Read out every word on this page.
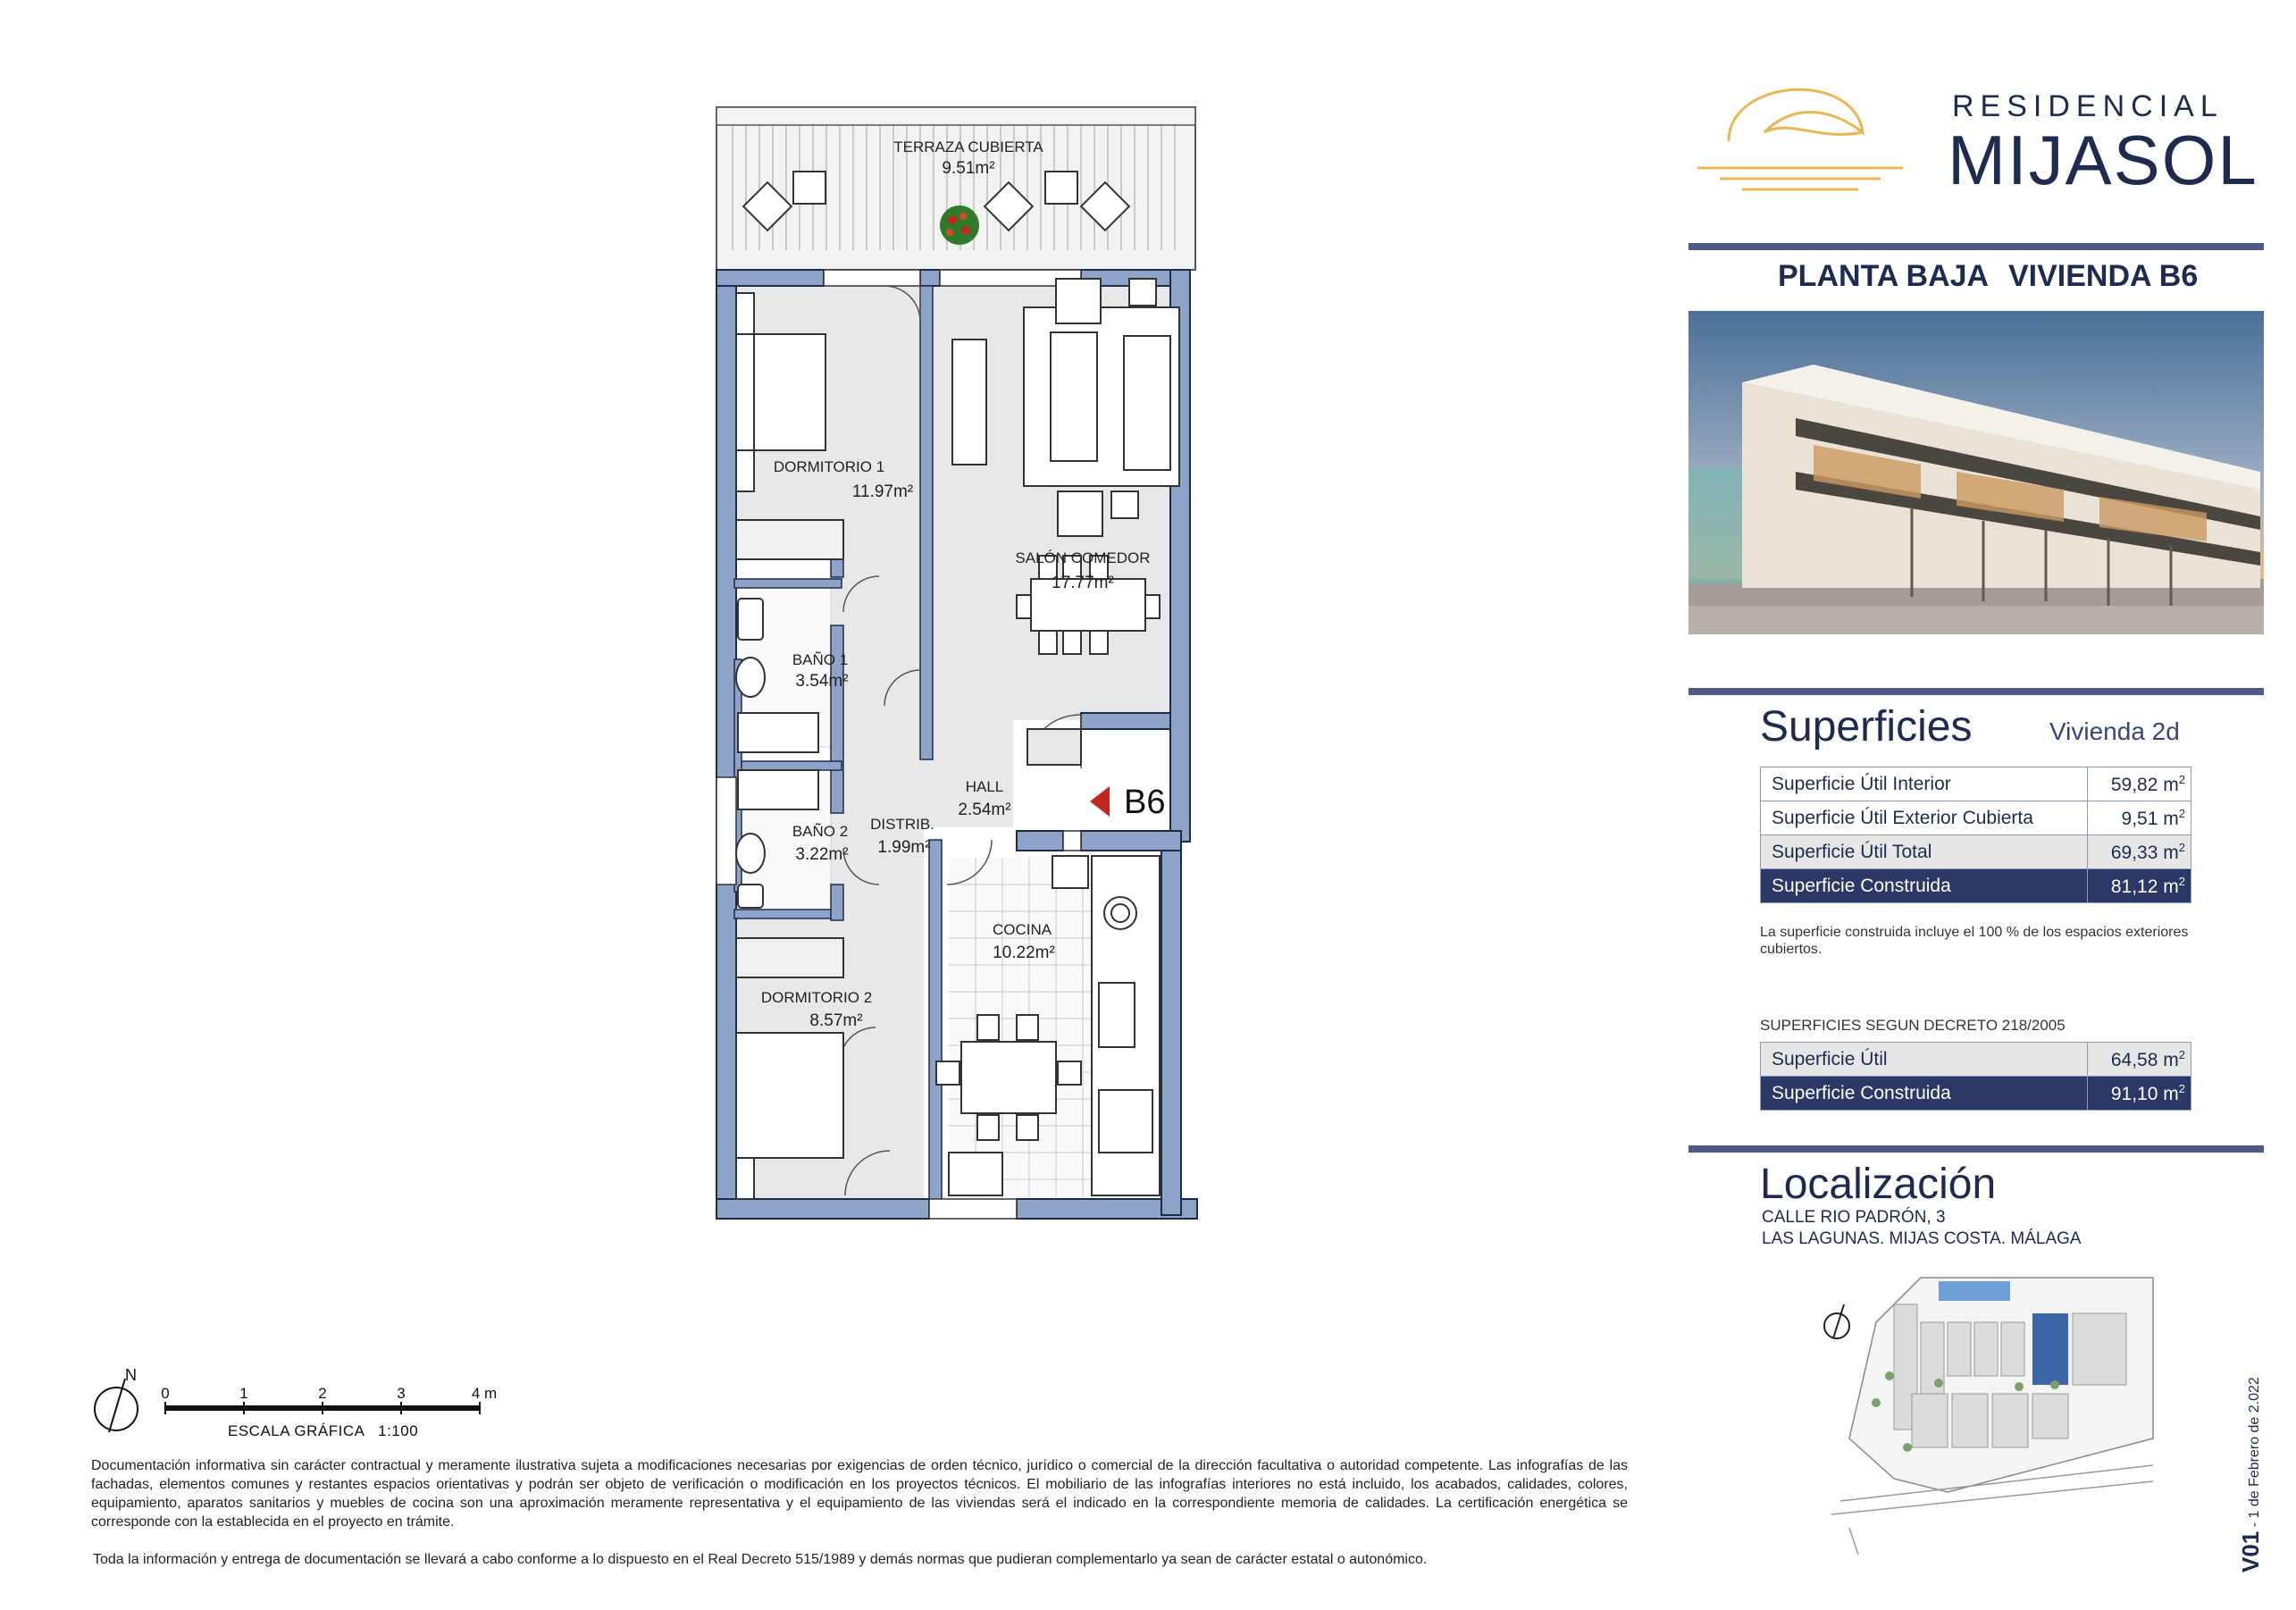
TERRAZA CUBIERTA
9.51m²
DORMITORIO 1
11.97m²
SALÓN COMEDOR
17.77m²
BAÑO 1
3.54m²
HALL
2.54m²
BAÑO 2
3.22m²
DISTRIB.
1.99m²
COCINA
10.22m²
DORMITORIO 2
8.57m²
B6
RESIDENCIAL
MIJASOL
PLANTA BAJA VIVIENDA B6
Superficies	Vivienda 2d
Superficie Útil Interior	59,82 $m^2$
Superficie Útil Exterior Cubierta	9,51 $m^2$
Superficie Útil Total	69,33 $m^2$
Superficie Construida	81,12 $m^2$
La superficie construida incluye el 100 % de los espacios exteriores cubiertos.
SUPERFICIES SEGUN DECRETO 218/2005
Superficie Útil	64,58 $m^2$
Superficie Construida	91,10 $m^2$
Localización
CALLE RIO PADRÓN, 3
LAS LAGUNAS. MIJAS COSTA. MÁLAGA
V01 - 1 de Febrero de 2.022
N
0	1	2	3	4 m
ESCALA GRÁFICA   1:100
Documentación informativa sin carácter contractual y meramente ilustrativa sujeta a modificaciones necesarias por exigencias de orden técnico, jurídico o comercial de la dirección facultativa o autoridad competente. Las infografías de las fachadas, elementos comunes y restantes espacios orientativas y podrán ser objeto de verificación o modificación en los proyectos técnicos. El mobiliario de las infografías interiores no está incluido, los acabados, calidades, colores, equipamiento, aparatos sanitarios y muebles de cocina son una aproximación meramente representativa y el equipamiento de las viviendas será el indicado en la correspondiente memoria de calidades. La certificación energética se corresponde con la establecida en el proyecto en trámite.
Toda la información y entrega de documentación se llevará a cabo conforme a lo dispuesto en el Real Decreto 515/1989 y demás normas que pudieran complementarlo ya sean de carácter estatal o autonómico.
